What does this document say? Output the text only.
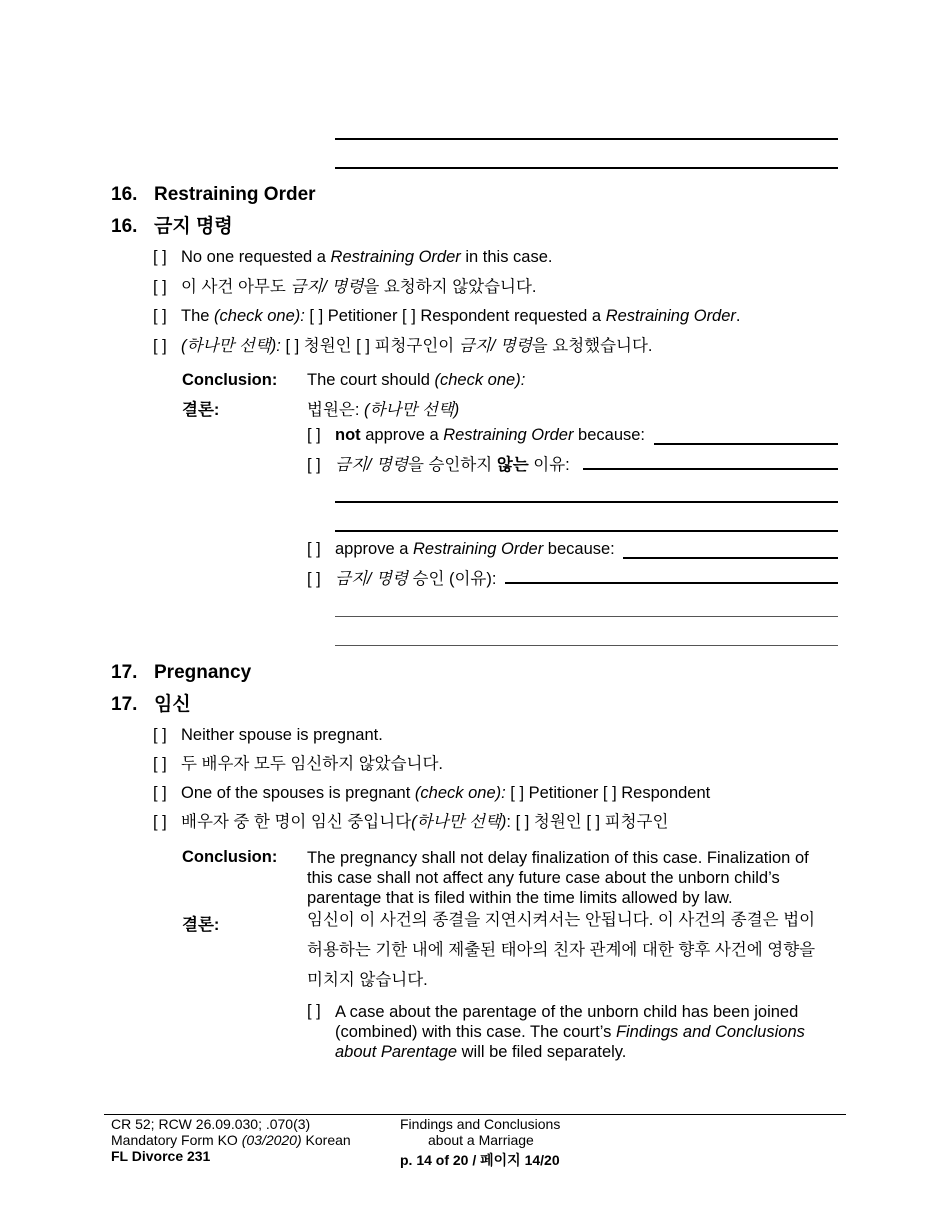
16. Restraining Order
16. 금지 명령
[ ] No one requested a Restraining Order in this case.
[ ] 이 사건 아무도 금지/ 명령을 요청하지 않았습니다.
[ ] The (check one): [ ] Petitioner [ ] Respondent requested a Restraining Order.
[ ] (하나만 선택): [ ] 청원인 [ ] 피청구인이 금지/ 명령을 요청했습니다.
Conclusion: The court should (check one):
결론:	법원은: (하나만 선택)
[ ] not approve a Restraining Order because:
[ ] 금지/ 명령을 승인하지 않는 이유:
[ ] approve a Restraining Order because:
[ ] 금지/ 명령 승인 (이유):
17. Pregnancy
17. 임신
[ ] Neither spouse is pregnant.
[ ] 두 배우자 모두 임신하지 않았습니다.
[ ] One of the spouses is pregnant (check one): [ ] Petitioner [ ] Respondent
[ ] 배우자 중 한 명이 임신 중입니다(하나만 선택): [ ] 청원인 [ ] 피청구인
Conclusion: The pregnancy shall not delay finalization of this case. Finalization of this case shall not affect any future case about the unborn child’s parentage that is filed within the time limits allowed by law.
결론:	임신이 이 사건의 종결을 지연시켜서는 안됩니다. 이 사건의 종결은 법이 허용하는 기한 내에 제출된 태아의 친자 관계에 대한 향후 사건에 영향을 미치지 않습니다.
[ ] A case about the parentage of the unborn child has been joined (combined) with this case. The court’s Findings and Conclusions about Parentage will be filed separately.
CR 52; RCW 26.09.030; .070(3)
Mandatory Form KO (03/2020) Korean
FL Divorce 231
Findings and Conclusions
about a Marriage
p. 14 of 20 / 페이지 14/20
